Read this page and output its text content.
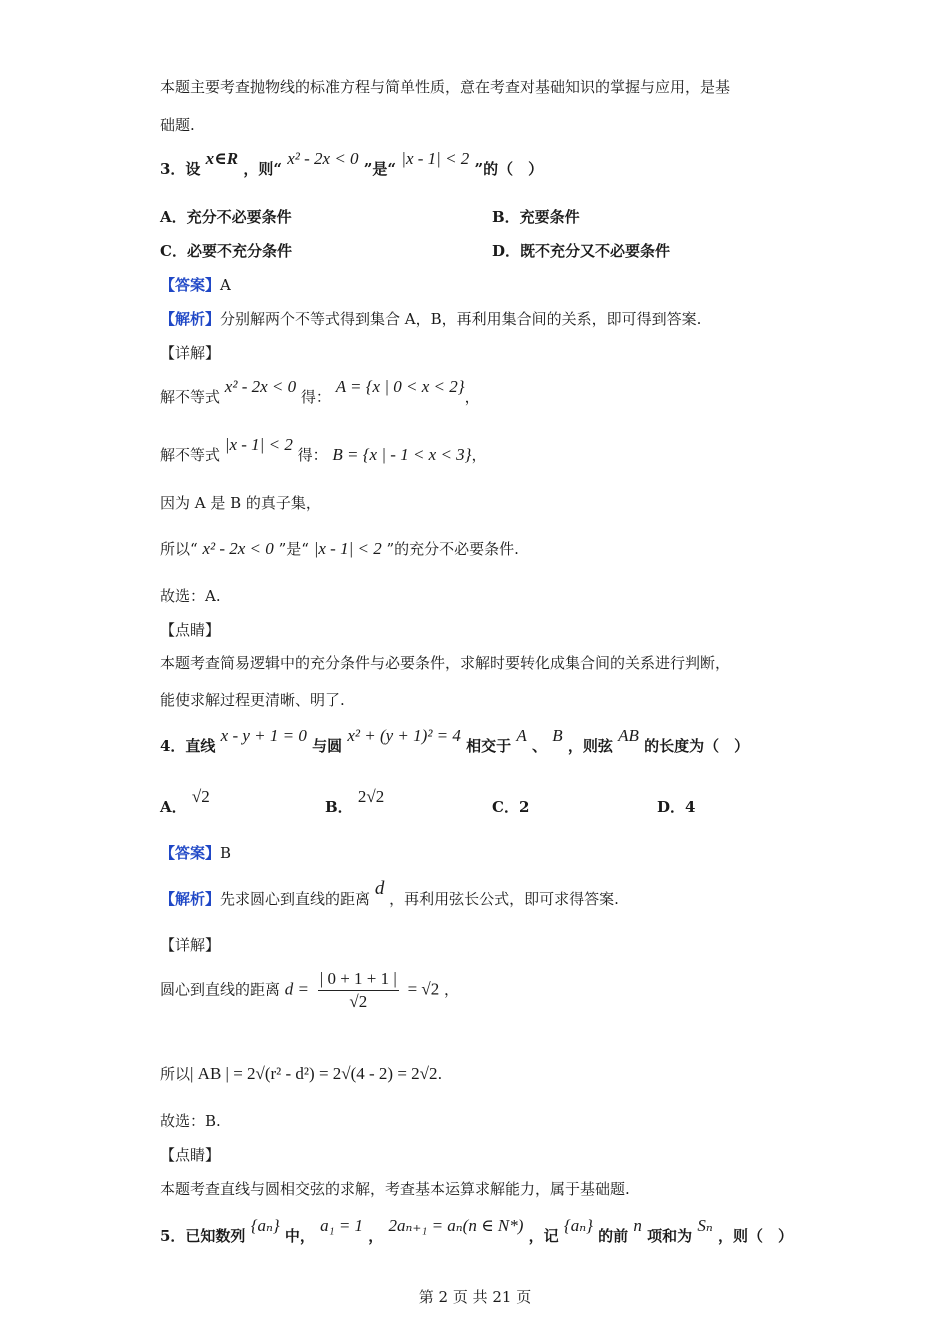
本题主要考查抛物线的标准方程与简单性质，意在考查对基础知识的掌握与应用，是基
础题.
3．设 x∈R ，则“ x² - 2x < 0 ”是“ |x - 1| < 2 ”的（　）
A．充分不必要条件	B．充要条件
C．必要不充分条件	D．既不充分又不必要条件
【答案】A
【解析】分别解两个不等式得到集合 A，B，再利用集合间的关系，即可得到答案.
【详解】
解不等式 x² - 2x < 0 得： A = {x | 0 < x < 2}，
解不等式 |x - 1| < 2 得： B = {x | - 1 < x < 3}，
因为 A 是 B 的真子集，
所以“ x² - 2x < 0 ”是“ |x - 1| < 2 ”的充分不必要条件.
故选：A.
【点睛】
本题考查简易逻辑中的充分条件与必要条件，求解时要转化成集合间的关系进行判断，
能使求解过程更清晰、明了.
4．直线 x - y + 1 = 0 与圆 x² + (y + 1)² = 4 相交于 A 、 B ，则弦 AB 的长度为（　）
A． √2
B． 2√2
C．2	D．4
【答案】B
【解析】先求圆心到直线的距离 d ，再利用弦长公式，即可求得答案.
【详解】
圆心到直线的距离 $d = \frac{| 0 + 1 + 1 |}{√2} = √2$ ，
所以| AB | = 2√(r² - d²) = 2√(4 - 2) = 2√2.
故选：B.
【点睛】
本题考查直线与圆相交弦的求解，考查基本运算求解能力，属于基础题.
5．已知数列 {aₙ} 中， a₁ = 1 ， 2aₙ₊₁ = aₙ(n ∈ N*) ，记 {aₙ} 的前 n 项和为 Sₙ ，则（　）
第 2 页 共 21 页
